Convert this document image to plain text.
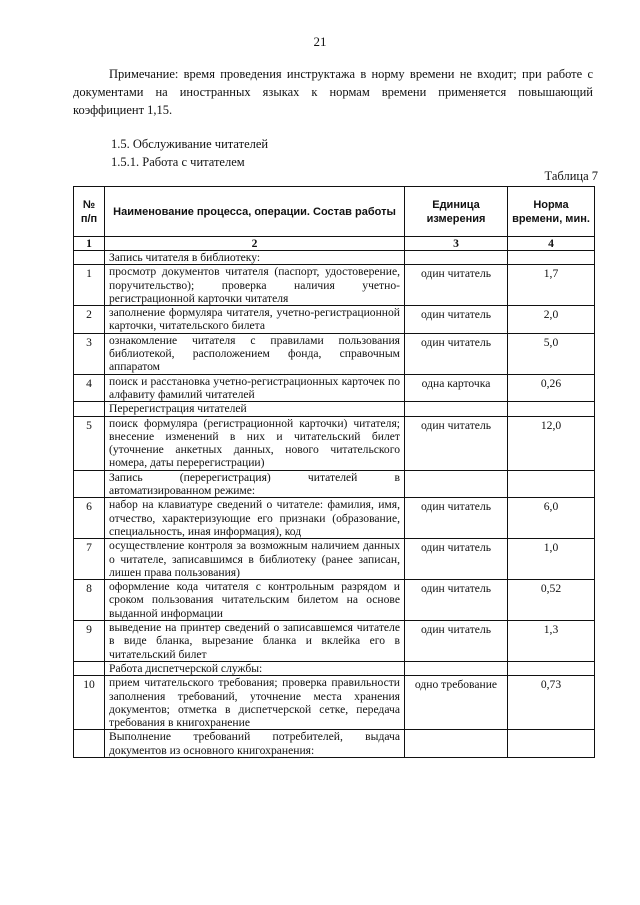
21
Примечание: время проведения инструктажа в норму времени не входит; при работе с документами на иностранных языках к нормам времени применяется повышающий коэффициент 1,15.
1.5. Обслуживание читателей
1.5.1. Работа с читателем
Таблица 7
№ п/п	Наименование процесса, операции. Состав работы	Единица измерения	Норма времени, мин.
1	2	3	4
	Запись читателя в библиотеку:		
1	просмотр документов читателя (паспорт, удостоверение, поручительство); проверка наличия учетно-регистрационной карточки читателя	один читатель	1,7
2	заполнение формуляра читателя, учетно-регистрационной карточки, читательского билета	один читатель	2,0
3	ознакомление читателя с правилами пользования библиотекой, расположением фонда, справочным аппаратом	один читатель	5,0
4	поиск и расстановка учетно-регистрационных карточек по алфавиту фамилий читателей	одна карточка	0,26
	Перерегистрация читателей		
5	поиск формуляра (регистрационной карточки) читателя; внесение изменений в них и читательский билет (уточнение анкетных данных, нового читательского номера, даты перерегистрации)	один читатель	12,0
	Запись (перерегистрация) читателей в автоматизированном режиме:		
6	набор на клавиатуре сведений о читателе: фамилия, имя, отчество, характеризующие его признаки (образование, специальность, иная информация), код	один читатель	6,0
7	осуществление контроля за возможным наличием данных о читателе, записавшимся в библиотеку (ранее записан, лишен права пользования)	один читатель	1,0
8	оформление кода читателя с контрольным разрядом и сроком пользования читательским билетом на основе выданной информации	один читатель	0,52
9	выведение на принтер сведений о записавшемся читателе в виде бланка, вырезание бланка и вклейка его в читательский билет	один читатель	1,3
	Работа диспетчерской службы:		
10	прием читательского требования; проверка правильности заполнения требований, уточнение места хранения документов; отметка в диспетчерской сетке, передача требования в книгохранение	одно требование	0,73
	Выполнение требований потребителей, выдача документов из основного книгохранения:		
